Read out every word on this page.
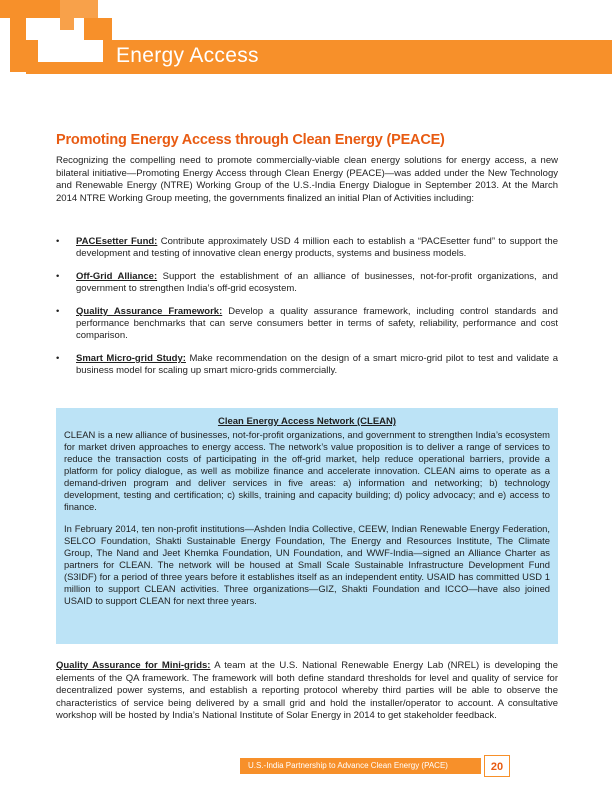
Energy Access
Promoting Energy Access through Clean Energy (PEACE)

Recognizing the compelling need to promote commercially-viable clean energy solutions for energy access, a new bilateral initiative—Promoting Energy Access through Clean Energy (PEACE)—was added under the New Technology and Renewable Energy (NTRE) Working Group of the U.S.-India Energy Dialogue in September 2013. At the March 2014 NTRE Working Group meeting, the governments finalized an initial Plan of Activities including:

• PACEsetter Fund: Contribute approximately USD 4 million each to establish a “PACEsetter fund” to support the development and testing of innovative clean energy products, systems and business models.
• Off-Grid Alliance: Support the establishment of an alliance of businesses, not-for-profit organizations, and government to strengthen India’s off-grid ecosystem.
• Quality Assurance Framework: Develop a quality assurance framework, including control standards and performance benchmarks that can serve consumers better in terms of safety, reliability, performance and cost comparison.
• Smart Micro-grid Study: Make recommendation on the design of a smart micro-grid pilot to test and validate a business model for scaling up smart micro-grids commercially.
Clean Energy Access Network (CLEAN)

CLEAN is a new alliance of businesses, not-for-profit organizations, and government to strengthen India’s ecosystem for market driven approaches to energy access. The network’s value proposition is to deliver a range of services to reduce the transaction costs of participating in the off-grid market, help reduce operational barriers, provide a platform for policy dialogue, as well as mobilize finance and accelerate innovation. CLEAN aims to operate as a demand-driven program and deliver services in five areas: a) information and networking; b) technology development, testing and certification; c) skills, training and capacity building; d) policy advocacy; and e) access to finance.

In February 2014, ten non-profit institutions—Ashden India Collective, CEEW, Indian Renewable Energy Federation, SELCO Foundation, Shakti Sustainable Energy Foundation, The Energy and Resources Institute, The Climate Group, The Nand and Jeet Khemka Foundation, UN Foundation, and WWF-India—signed an Alliance Charter as partners for CLEAN. The network will be housed at Small Scale Sustainable Infrastructure Development Fund (S3IDF) for a period of three years before it establishes itself as an independent entity. USAID has committed USD 1 million to support CLEAN activities. Three organizations—GIZ, Shakti Foundation and ICCO—have also joined USAID to support CLEAN for next three years.

Quality Assurance for Mini-grids: A team at the U.S. National Renewable Energy Lab (NREL) is developing the elements of the QA framework. The framework will both define standard thresholds for level and quality of service for decentralized power systems, and establish a reporting protocol whereby third parties will be able to observe the characteristics of service being delivered by a small grid and hold the installer/operator to account. A consultative workshop will be hosted by India’s National Institute of Solar Energy in 2014 to get stakeholder feedback.

U.S.-India Partnership to Advance Clean Energy (PACE)	20
